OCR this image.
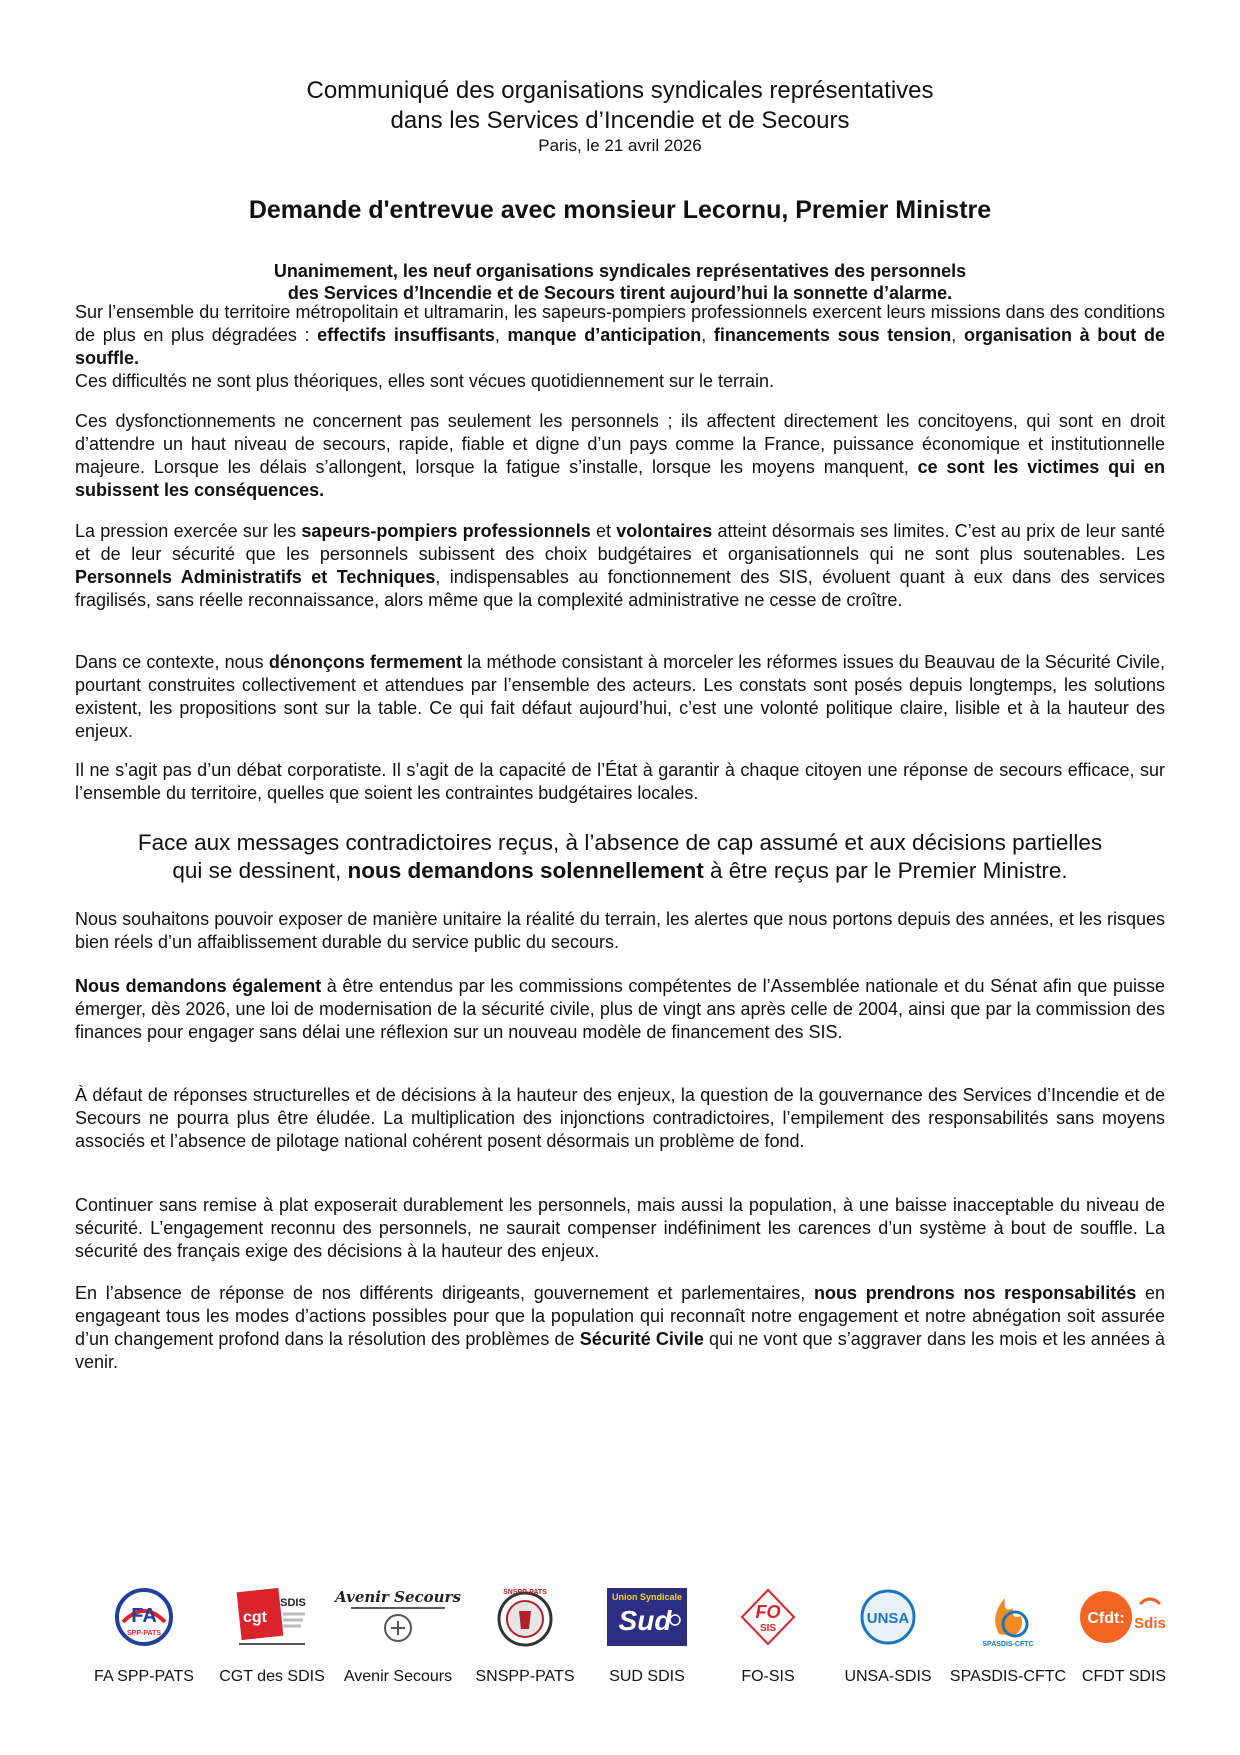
Communiqué des organisations syndicales représentatives
dans les Services d’Incendie et de Secours
Paris, le 21 avril 2026
Demande d'entrevue avec monsieur Lecornu, Premier Ministre
Unanimement, les neuf organisations syndicales représentatives des personnels
des Services d’Incendie et de Secours tirent aujourd’hui la sonnette d’alarme.
Sur l’ensemble du territoire métropolitain et ultramarin, les sapeurs-pompiers professionnels exercent leurs missions dans des conditions de plus en plus dégradées : effectifs insuffisants, manque d’anticipation, financements sous tension, organisation à bout de souffle.
Ces difficultés ne sont plus théoriques, elles sont vécues quotidiennement sur le terrain.
Ces dysfonctionnements ne concernent pas seulement les personnels ; ils affectent directement les concitoyens, qui sont en droit d’attendre un haut niveau de secours, rapide, fiable et digne d’un pays comme la France, puissance économique et institutionnelle majeure. Lorsque les délais s’allongent, lorsque la fatigue s’installe, lorsque les moyens manquent, ce sont les victimes qui en subissent les conséquences.
La pression exercée sur les sapeurs-pompiers professionnels et volontaires atteint désormais ses limites. C’est au prix de leur santé et de leur sécurité que les personnels subissent des choix budgétaires et organisationnels qui ne sont plus soutenables. Les Personnels Administratifs et Techniques, indispensables au fonctionnement des SIS, évoluent quant à eux dans des services fragilisés, sans réelle reconnaissance, alors même que la complexité administrative ne cesse de croître.
Dans ce contexte, nous dénonçons fermement la méthode consistant à morceler les réformes issues du Beauvau de la Sécurité Civile, pourtant construites collectivement et attendues par l’ensemble des acteurs. Les constats sont posés depuis longtemps, les solutions existent, les propositions sont sur la table. Ce qui fait défaut aujourd’hui, c’est une volonté politique claire, lisible et à la hauteur des enjeux.
Il ne s’agit pas d’un débat corporatiste. Il s’agit de la capacité de l’État à garantir à chaque citoyen une réponse de secours efficace, sur l’ensemble du territoire, quelles que soient les contraintes budgétaires locales.
Face aux messages contradictoires reçus, à l’absence de cap assumé et aux décisions partielles
qui se dessinent, nous demandons solennellement à être reçus par le Premier Ministre.
Nous souhaitons pouvoir exposer de manière unitaire la réalité du terrain, les alertes que nous portons depuis des années, et les risques bien réels d’un affaiblissement durable du service public du secours.
Nous demandons également à être entendus par les commissions compétentes de l’Assemblée nationale et du Sénat afin que puisse émerger, dès 2026, une loi de modernisation de la sécurité civile, plus de vingt ans après celle de 2004, ainsi que par la commission des finances pour engager sans délai une réflexion sur un nouveau modèle de financement des SIS.
À défaut de réponses structurelles et de décisions à la hauteur des enjeux, la question de la gouvernance des Services d’Incendie et de Secours ne pourra plus être éludée. La multiplication des injonctions contradictoires, l’empilement des responsabilités sans moyens associés et l’absence de pilotage national cohérent posent désormais un problème de fond.
Continuer sans remise à plat exposerait durablement les personnels, mais aussi la population, à une baisse inacceptable du niveau de sécurité. L’engagement reconnu des personnels, ne saurait compenser indéfiniment les carences d’un système à bout de souffle. La sécurité des français exige des décisions à la hauteur des enjeux.
En l’absence de réponse de nos différents dirigeants, gouvernement et parlementaires, nous prendrons nos responsabilités en engageant tous les modes d’actions possibles pour que la population qui reconnaît notre engagement et notre abnégation soit assurée d’un changement profond dans la résolution des problèmes de Sécurité Civile qui ne vont que s’aggraver dans les mois et les années à venir.
FA
SPP-PATS
FA SPP-PATS
cgt
SDIS
CGT des SDIS
Avenir Secours
Avenir Secours
SNSPP-PATS
SNSPP-PATS
Union Syndicale
Sud
SUD SDIS
FO
SIS
FO-SIS
UNSA
UNSA-SDIS
SPASDIS-CFTC
SPASDIS-CFTC
Cfdt: Sdis
CFDT SDIS
